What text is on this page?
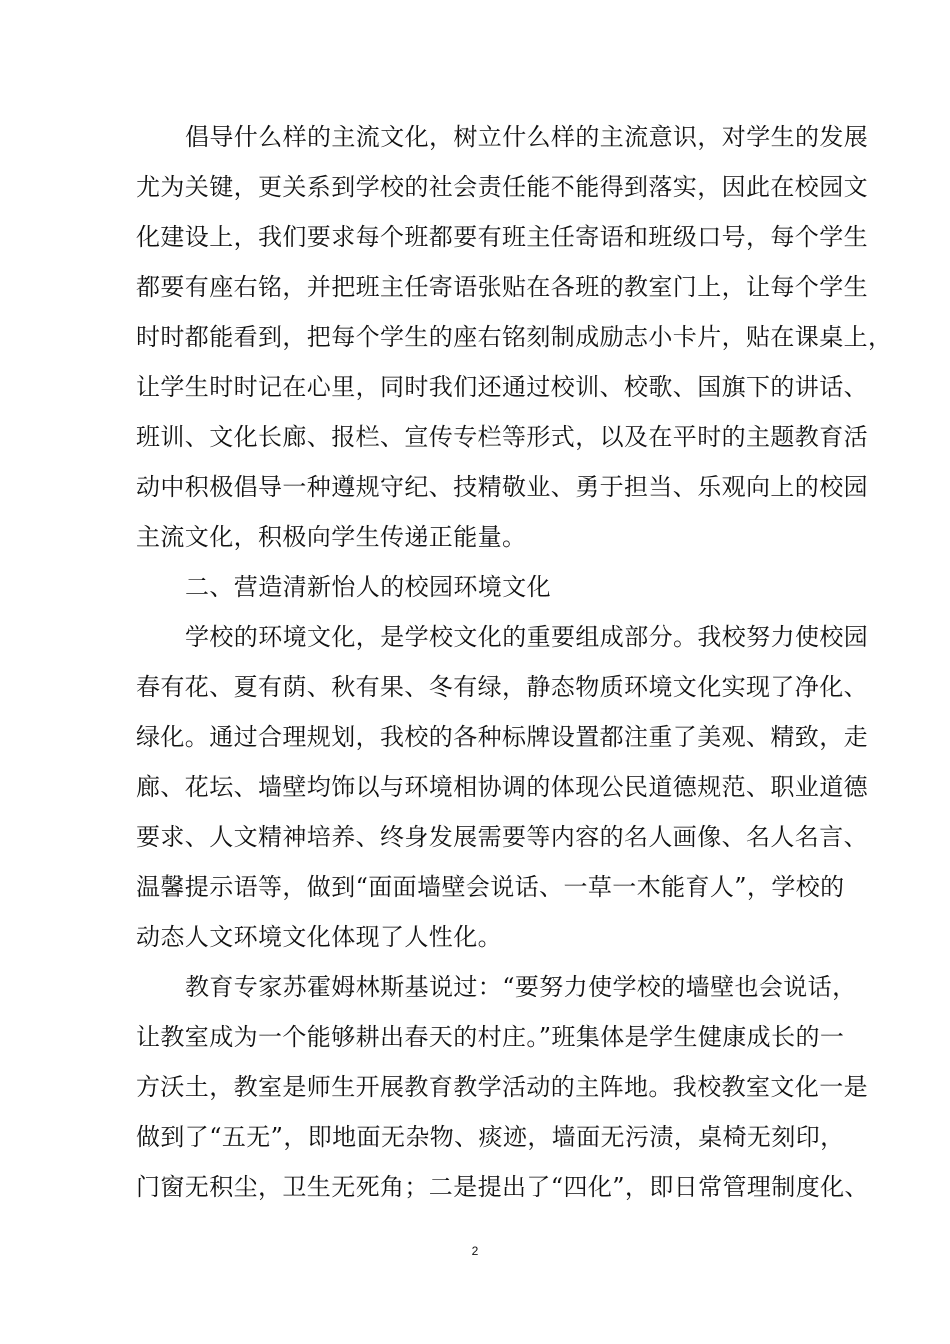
倡导什么样的主流文化，树立什么样的主流意识，对学生的发展
尤为关键，更关系到学校的社会责任能不能得到落实，因此在校园文
化建设上，我们要求每个班都要有班主任寄语和班级口号，每个学生
都要有座右铭，并把班主任寄语张贴在各班的教室门上，让每个学生
时时都能看到，把每个学生的座右铭刻制成励志小卡片，贴在课桌上，
让学生时时记在心里，同时我们还通过校训、校歌、国旗下的讲话、
班训、文化长廊、报栏、宣传专栏等形式，以及在平时的主题教育活
动中积极倡导一种遵规守纪、技精敬业、勇于担当、乐观向上的校园
主流文化，积极向学生传递正能量。
二、营造清新怡人的校园环境文化
学校的环境文化，是学校文化的重要组成部分。我校努力使校园
春有花、夏有荫、秋有果、冬有绿，静态物质环境文化实现了净化、
绿化。通过合理规划，我校的各种标牌设置都注重了美观、精致，走
廊、花坛、墙壁均饰以与环境相协调的体现公民道德规范、职业道德
要求、人文精神培养、终身发展需要等内容的名人画像、名人名言、
温馨提示语等，做到“面面墙壁会说话、一草一木能育人”，学校的
动态人文环境文化体现了人性化。
教育专家苏霍姆林斯基说过：“要努力使学校的墙壁也会说话，
让教室成为一个能够耕出春天的村庄。”班集体是学生健康成长的一
方沃土，教室是师生开展教育教学活动的主阵地。我校教室文化一是
做到了“五无”，即地面无杂物、痰迹，墙面无污渍，桌椅无刻印，
门窗无积尘，卫生无死角；二是提出了“四化”，即日常管理制度化、
2
